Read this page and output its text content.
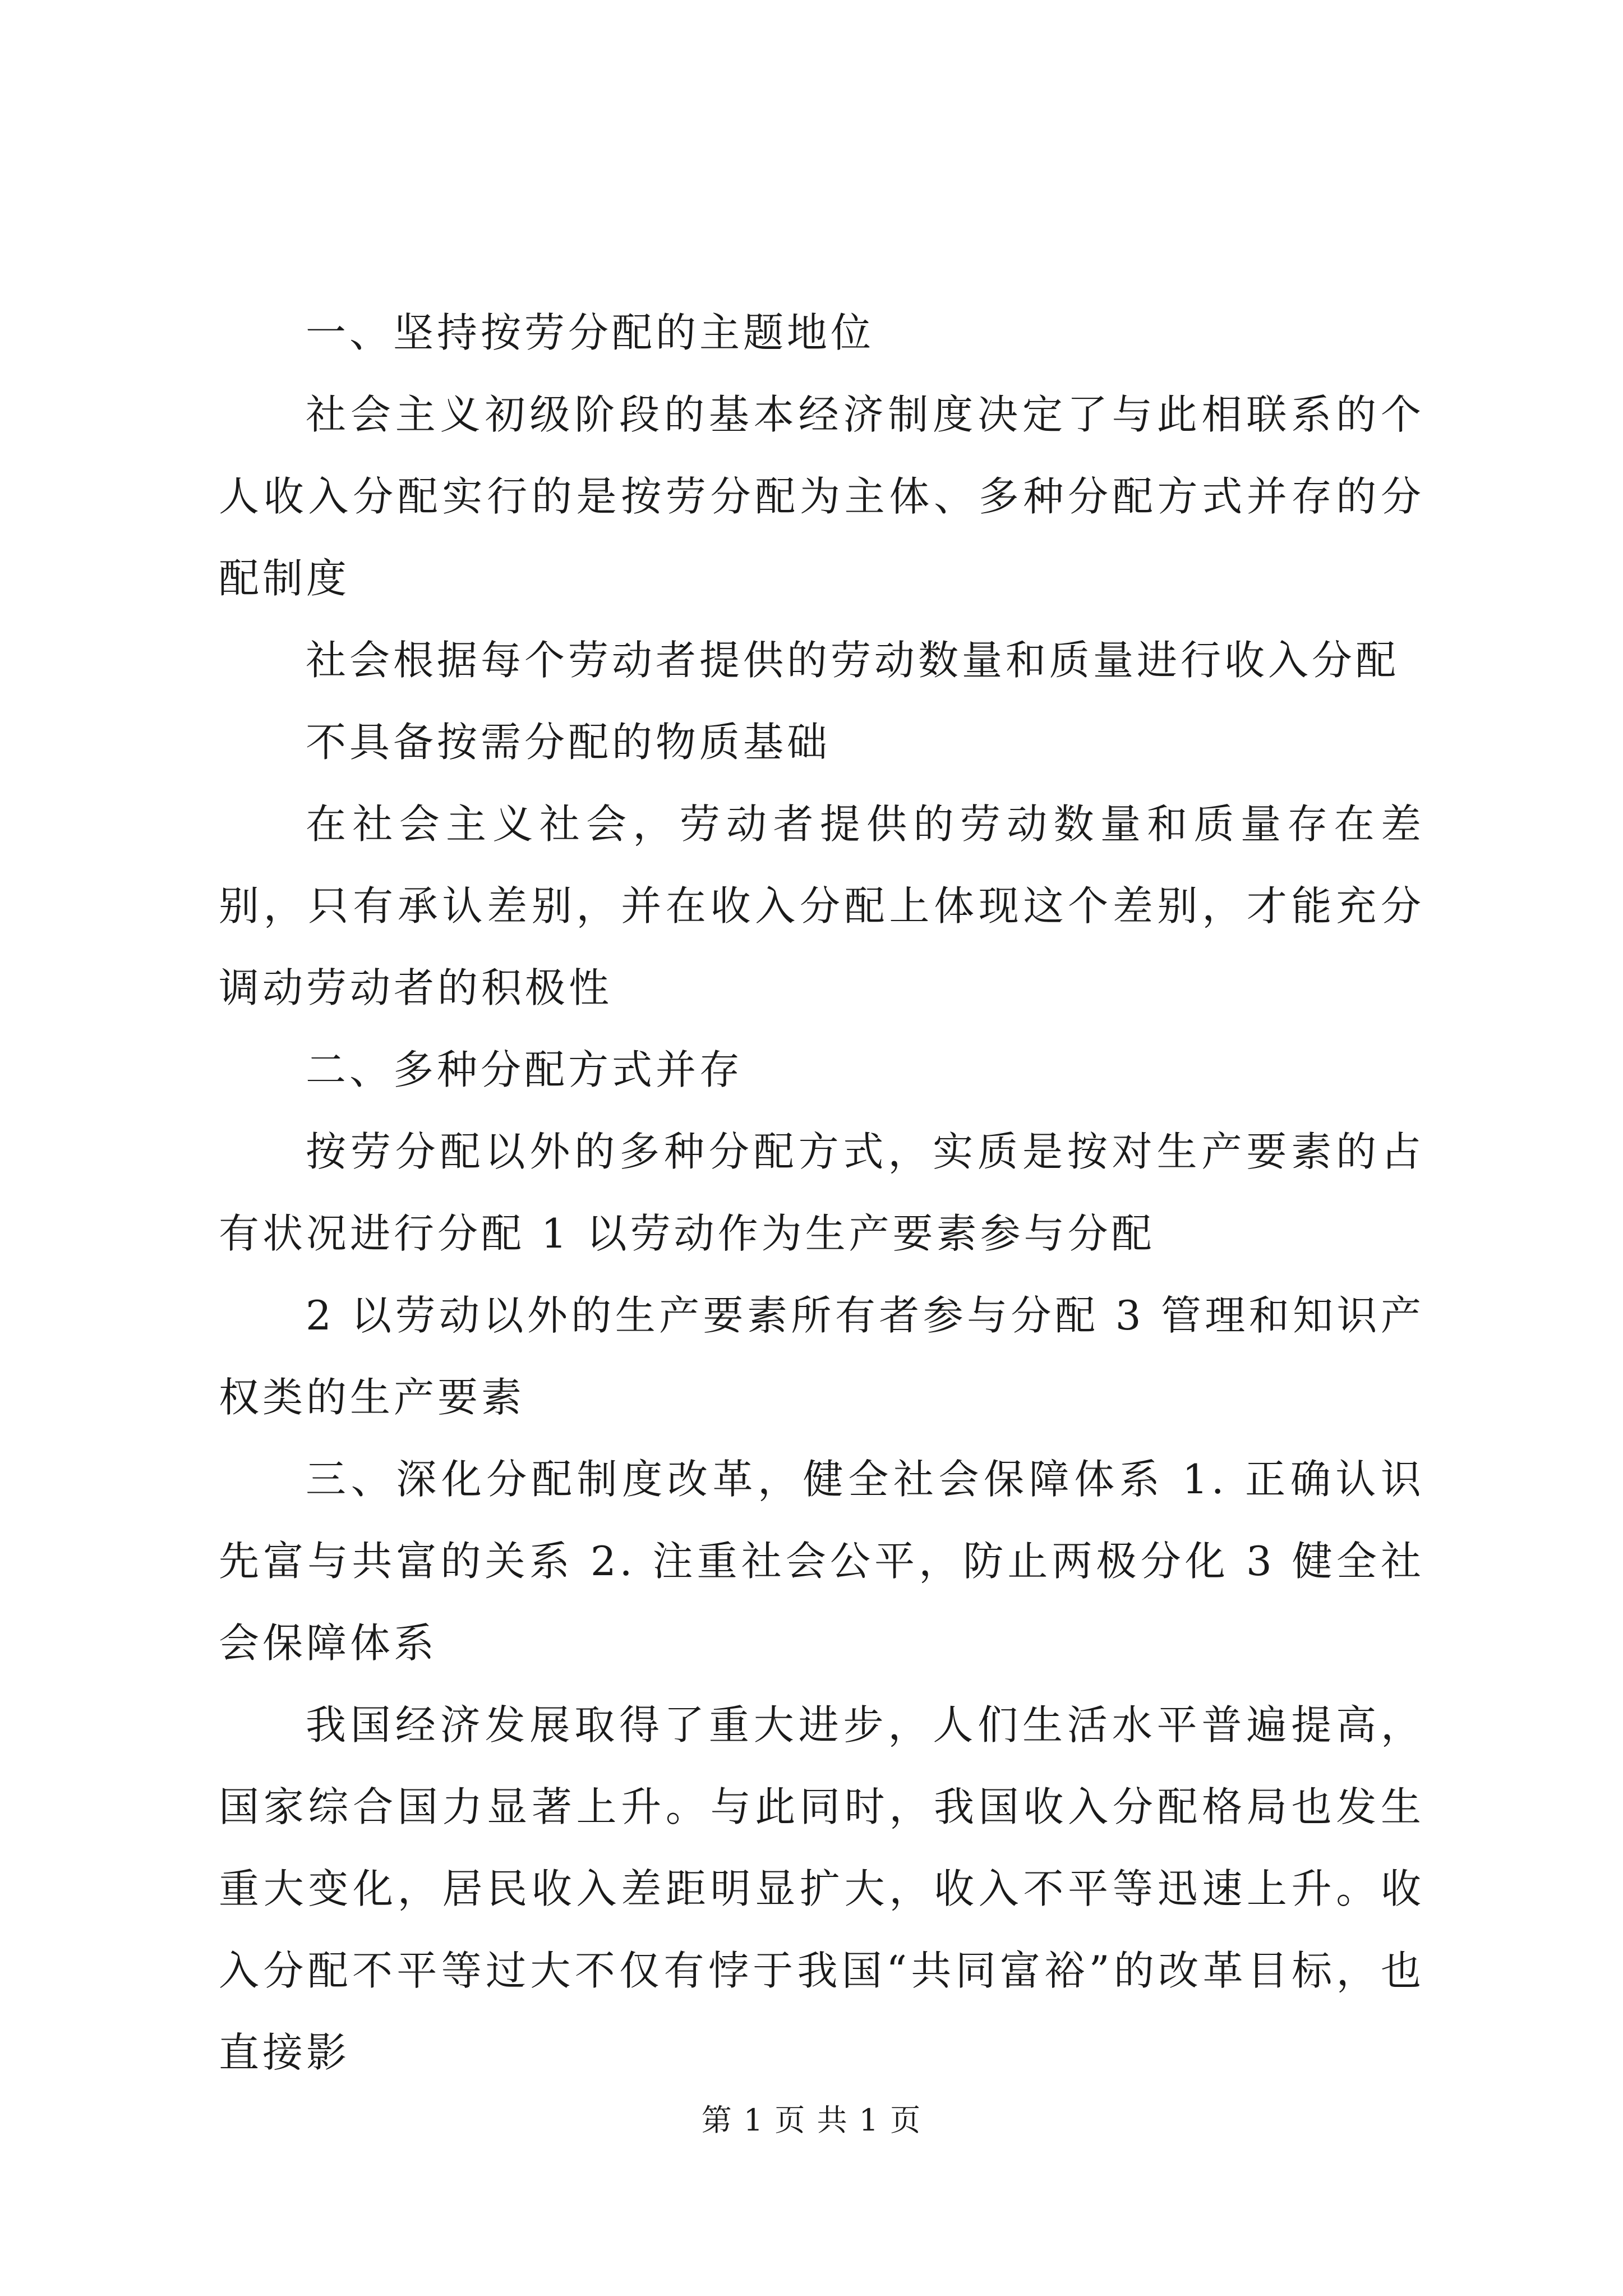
一、坚持按劳分配的主题地位

社会主义初级阶段的基本经济制度决定了与此相联系的个人收入分配实行的是按劳分配为主体、多种分配方式并存的分配制度

社会根据每个劳动者提供的劳动数量和质量进行收入分配

不具备按需分配的物质基础

在社会主义社会，劳动者提供的劳动数量和质量存在差别，只有承认差别，并在收入分配上体现这个差别，才能充分调动劳动者的积极性

二、多种分配方式并存

按劳分配以外的多种分配方式，实质是按对生产要素的占有状况进行分配 1 以劳动作为生产要素参与分配

2 以劳动以外的生产要素所有者参与分配 3 管理和知识产权类的生产要素

三、深化分配制度改革，健全社会保障体系 1. 正确认识先富与共富的关系 2. 注重社会公平，防止两极分化 3 健全社会保障体系

我国经济发展取得了重大进步，人们生活水平普遍提高，国家综合国力显著上升。与此同时，我国收入分配格局也发生重大变化，居民收入差距明显扩大，收入不平等迅速上升。收入分配不平等过大不仅有悖于我国“共同富裕”的改革目标，也直接影

第 1 页 共 1 页
